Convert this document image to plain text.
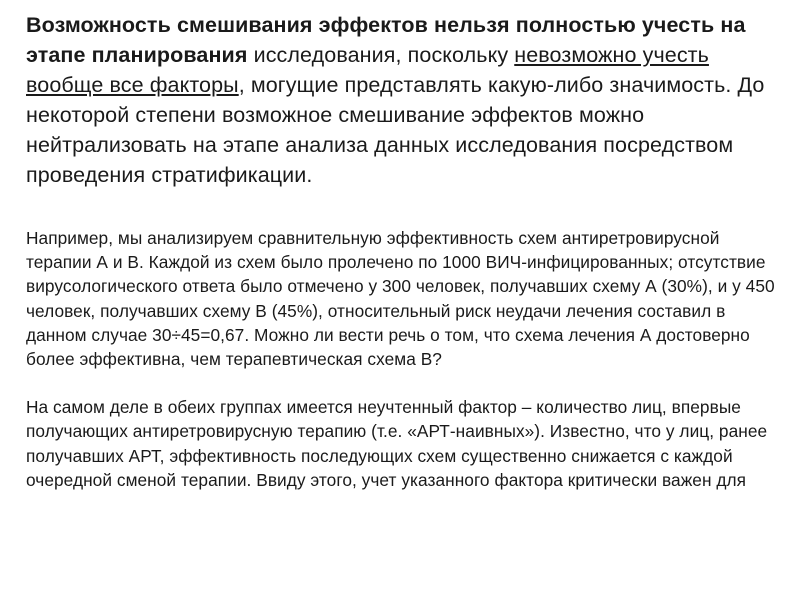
Возможность смешивания эффектов нельзя полностью учесть на этапе планирования исследования, поскольку невозможно учесть вообще все факторы, могущие представлять какую-либо значимость. До некоторой степени возможное смешивание эффектов можно нейтрализовать на этапе анализа данных исследования посредством проведения стратификации.

Например, мы анализируем сравнительную эффективность схем антиретровирусной терапии А и В. Каждой из схем было пролечено по 1000 ВИЧ-инфицированных; отсутствие вирусологического ответа было отмечено у 300 человек, получавших схему А (30%), и у 450 человек, получавших схему В (45%), относительный риск неудачи лечения составил в данном случае 30÷45=0,67. Можно ли вести речь о том, что схема лечения А достоверно более эффективна, чем терапевтическая схема В?

На самом деле в обеих группах имеется неучтенный фактор – количество лиц, впервые получающих антиретровирусную терапию (т.е. «АРТ-наивных»). Известно, что у лиц, ранее получавших АРТ, эффективность последующих схем существенно снижается с каждой очередной сменой терапии. Ввиду этого, учет указанного фактора критически важен для
